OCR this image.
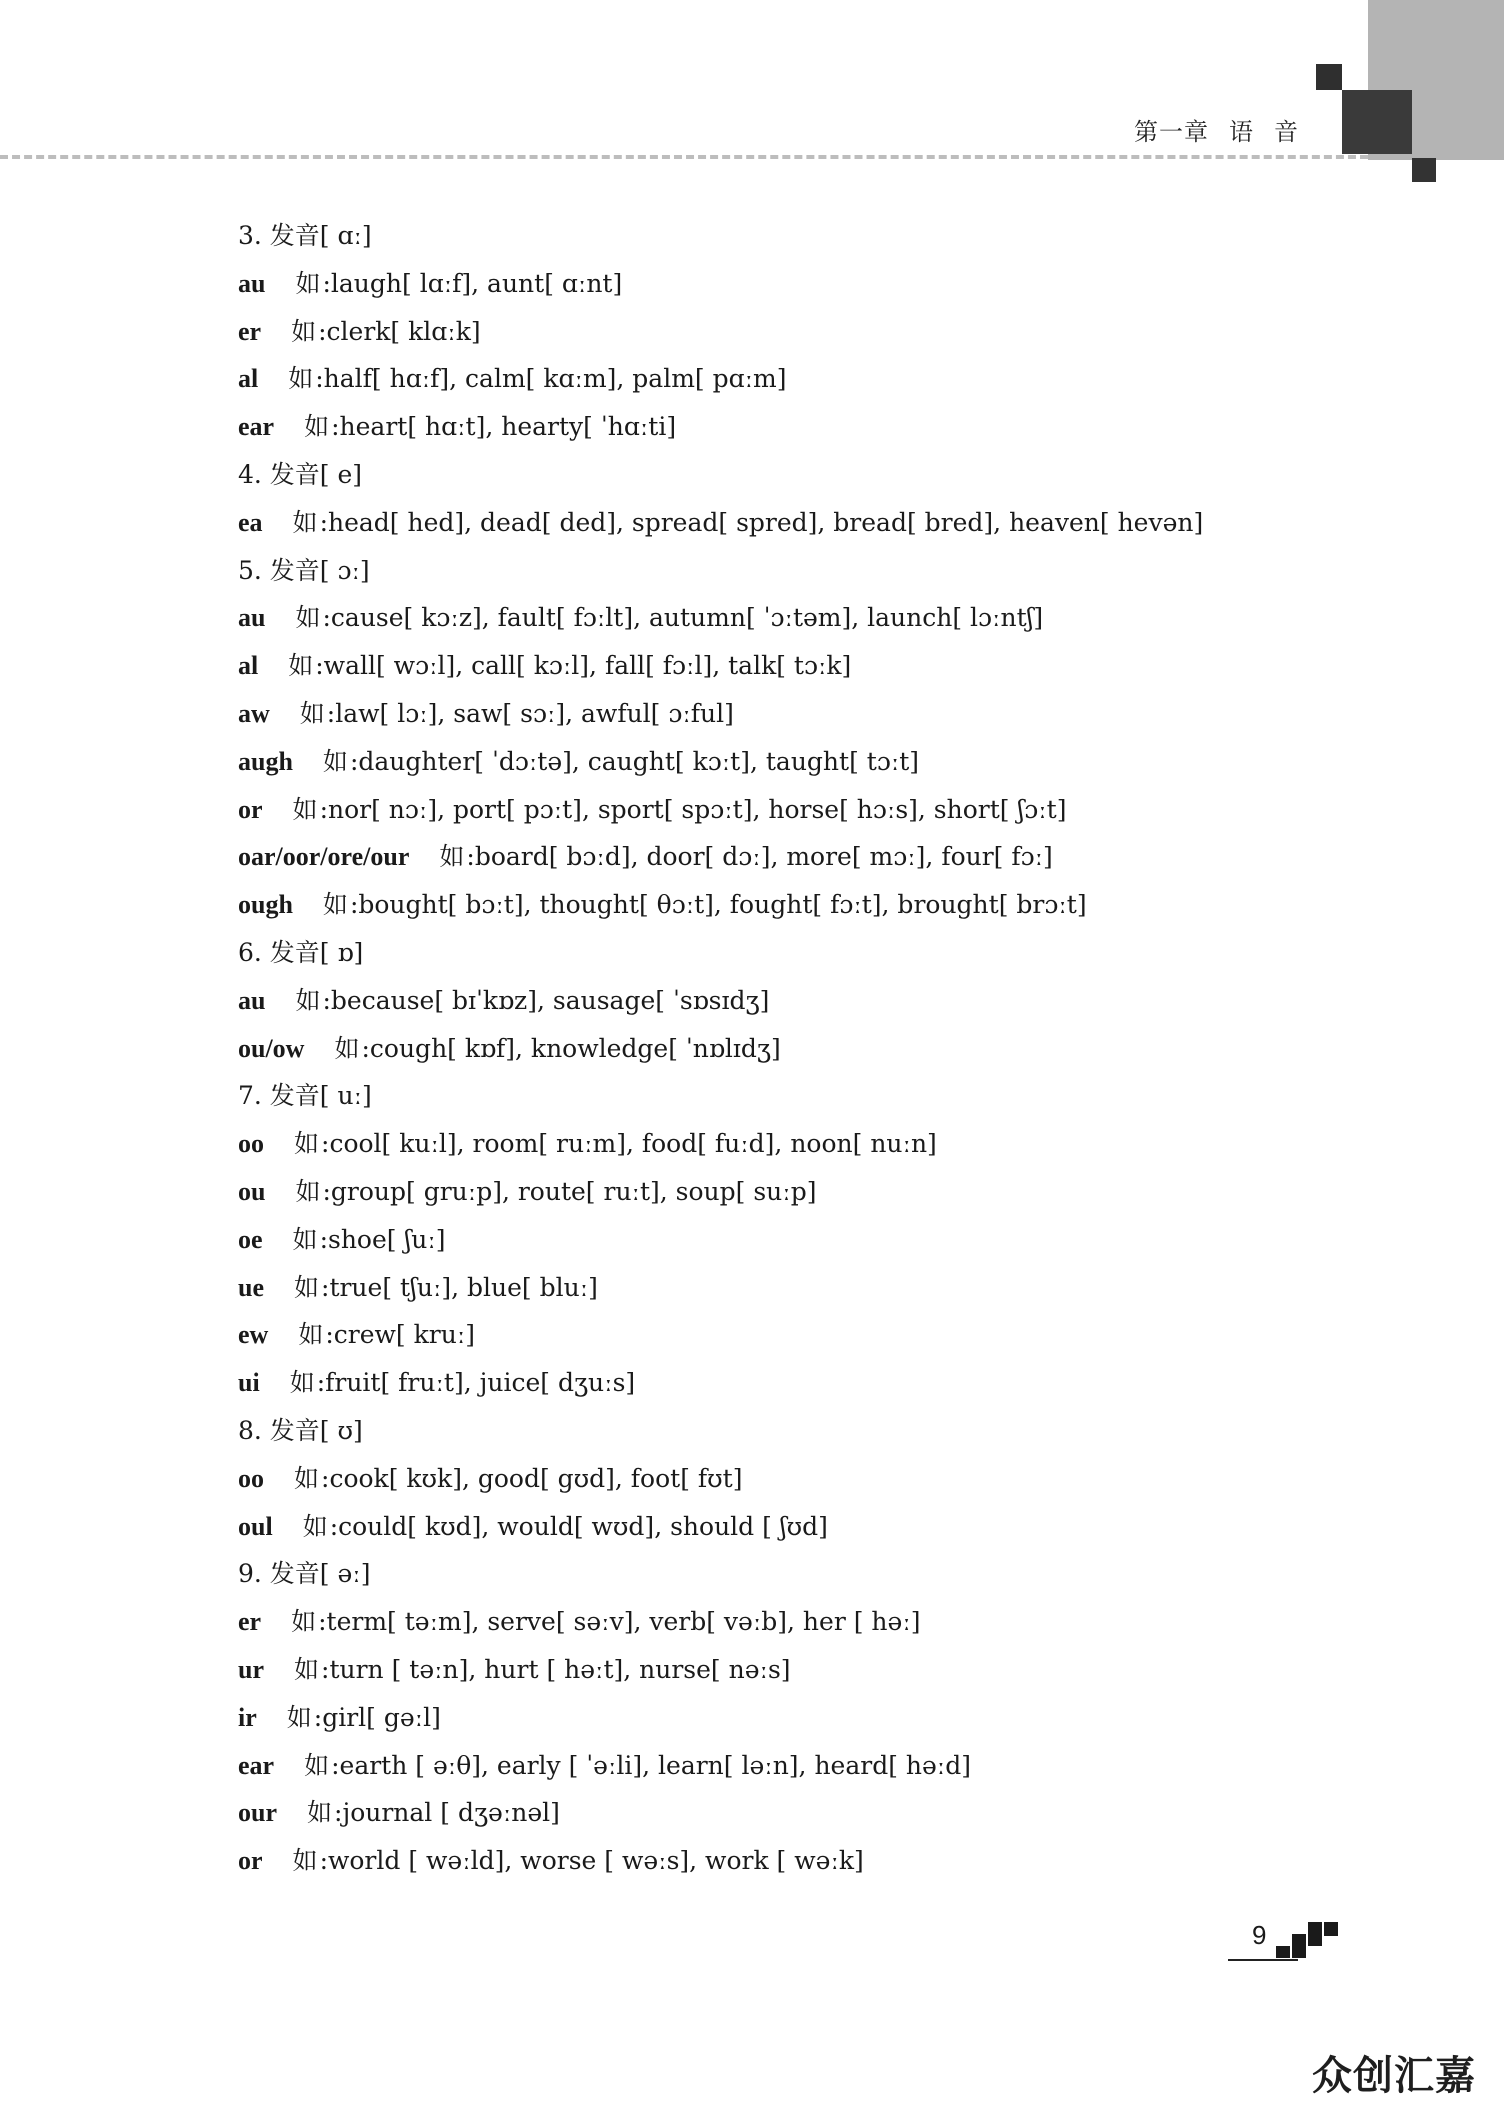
第一章 语 音
3. 发音[ ɑː]
au 如:laugh[ lɑːf], aunt[ ɑːnt]
er 如:clerk[ klɑːk]
al 如:half[ hɑːf], calm[ kɑːm], palm[ pɑːm]
ear 如:heart[ hɑːt], hearty[ ˈhɑːti]
4. 发音[ e]
ea 如:head[ hed], dead[ ded], spread[ spred], bread[ bred], heaven[ hevən]
5. 发音[ ɔː]
au 如:cause[ kɔːz], fault[ fɔːlt], autumn[ ˈɔːtəm], launch[ lɔːntʃ]
al 如:wall[ wɔːl], call[ kɔːl], fall[ fɔːl], talk[ tɔːk]
aw 如:law[ lɔː], saw[ sɔː], awful[ ɔːful]
augh 如:daughter[ ˈdɔːtə], caught[ kɔːt], taught[ tɔːt]
or 如:nor[ nɔː], port[ pɔːt], sport[ spɔːt], horse[ hɔːs], short[ ʃɔːt]
oar/oor/ore/our 如:board[ bɔːd], door[ dɔː], more[ mɔː], four[ fɔː]
ough 如:bought[ bɔːt], thought[ θɔːt], fought[ fɔːt], brought[ brɔːt]
6. 发音[ ɒ]
au 如:because[ bɪˈkɒz], sausage[ ˈsɒsɪdʒ]
ou/ow 如:cough[ kɒf], knowledge[ ˈnɒlɪdʒ]
7. 发音[ uː]
oo 如:cool[ kuːl], room[ ruːm], food[ fuːd], noon[ nuːn]
ou 如:group[ gruːp], route[ ruːt], soup[ suːp]
oe 如:shoe[ ʃuː]
ue 如:true[ tʃuː], blue[ bluː]
ew 如:crew[ kruː]
ui 如:fruit[ fruːt], juice[ dʒuːs]
8. 发音[ ʊ]
oo 如:cook[ kʊk], good[ gʊd], foot[ fʊt]
oul 如:could[ kʊd], would[ wʊd], should [ ʃʊd]
9. 发音[ əː]
er 如:term[ təːm], serve[ səːv], verb[ vəːb], her [ həː]
ur 如:turn [ təːn], hurt [ həːt], nurse[ nəːs]
ir 如:girl[ gəːl]
ear 如:earth [ əːθ], early [ ˈəːli], learn[ ləːn], heard[ həːd]
our 如:journal [ dʒəːnəl]
or 如:world [ wəːld], worse [ wəːs], work [ wəːk]
9
众创汇嘉
